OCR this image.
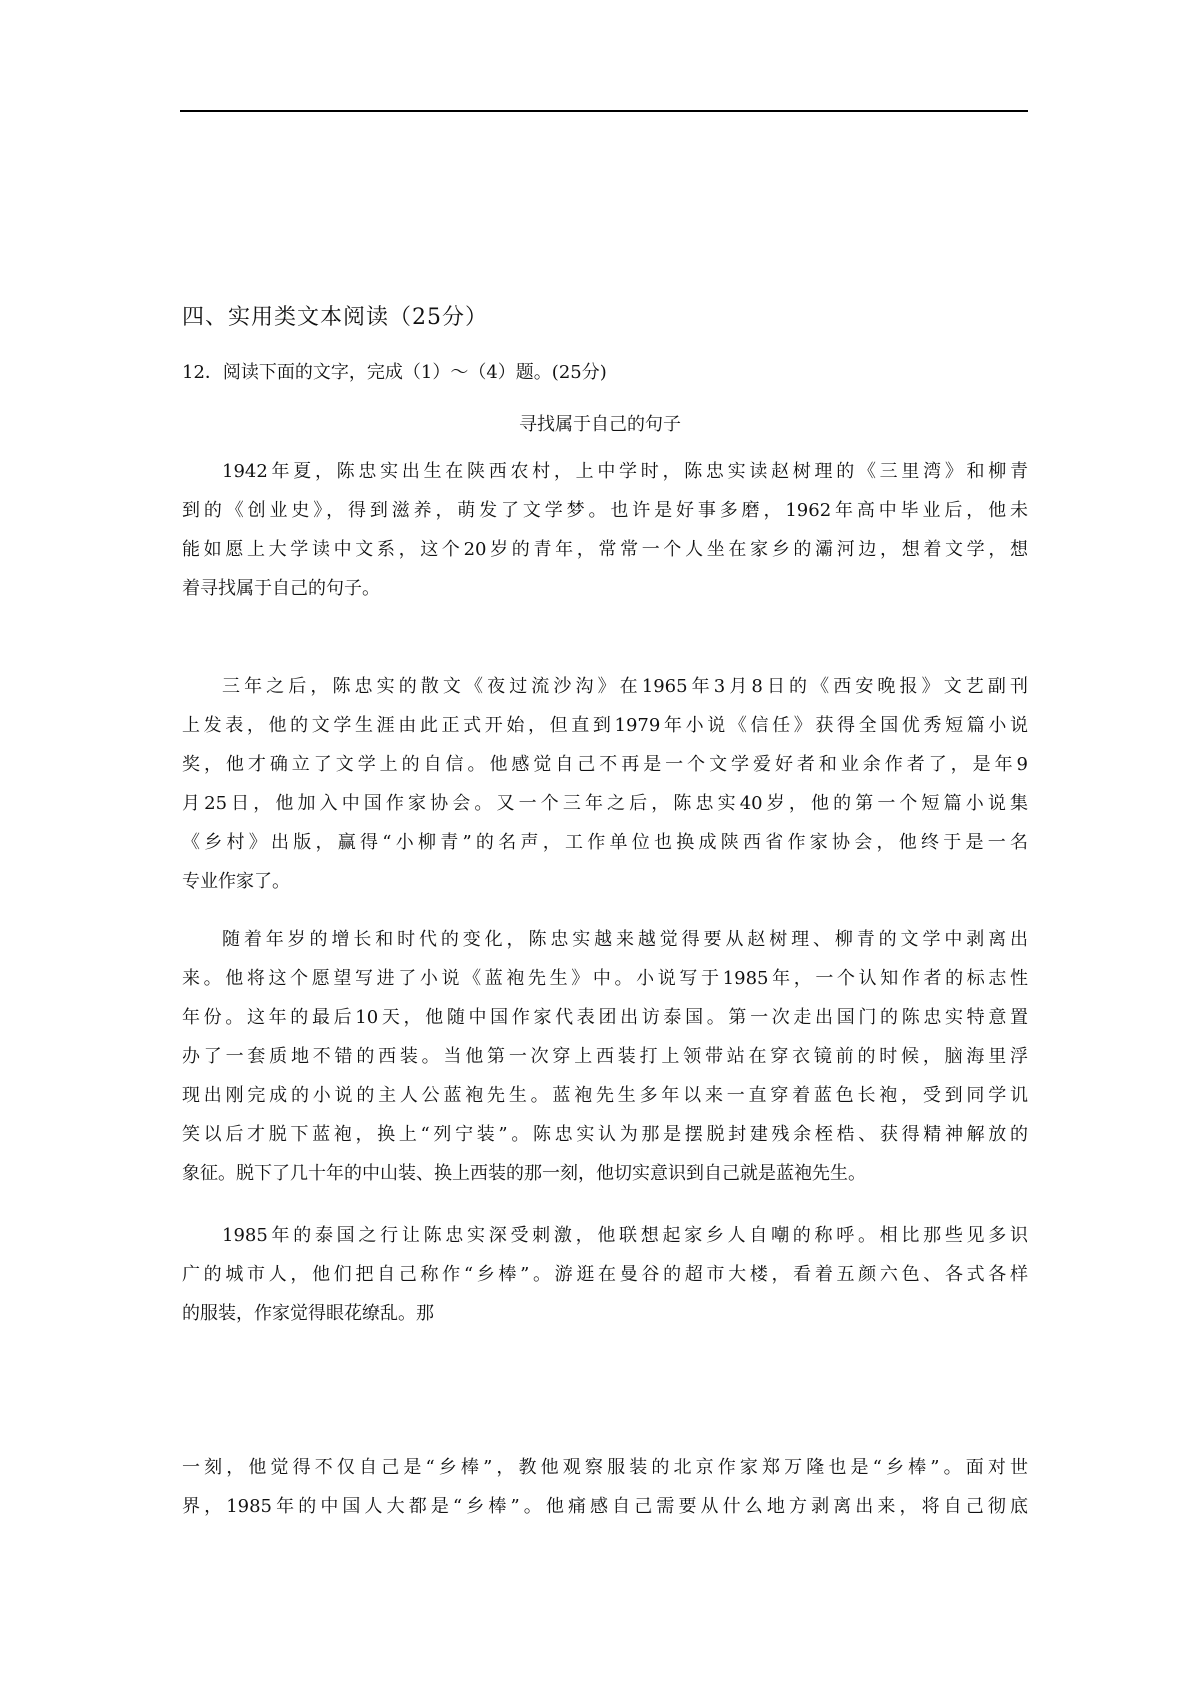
四、实用类文本阅读（25分）
12．阅读下面的文字，完成（1）～（4）题。(25分)
寻找属于自己的句子
1942年夏，陈忠实出生在陕西农村，上中学时，陈忠实读赵树理的《三里湾》和柳青
到的《创业史》，得到滋养，萌发了文学梦。也许是好事多磨，1962年高中毕业后，他未
能如愿上大学读中文系，这个20岁的青年，常常一个人坐在家乡的灞河边，想着文学，想
着寻找属于自己的句子。
三年之后，陈忠实的散文《夜过流沙沟》在1965年3月8日的《西安晚报》文艺副刊
上发表，他的文学生涯由此正式开始，但直到1979年小说《信任》获得全国优秀短篇小说
奖，他才确立了文学上的自信。他感觉自己不再是一个文学爱好者和业余作者了，是年9
月25日，他加入中国作家协会。又一个三年之后，陈忠实40岁，他的第一个短篇小说集
《乡村》出版，赢得“小柳青”的名声，工作单位也换成陕西省作家协会，他终于是一名
专业作家了。
随着年岁的增长和时代的变化，陈忠实越来越觉得要从赵树理、柳青的文学中剥离出
来。他将这个愿望写进了小说《蓝袍先生》中。小说写于1985年，一个认知作者的标志性
年份。这年的最后10天，他随中国作家代表团出访泰国。第一次走出国门的陈忠实特意置
办了一套质地不错的西装。当他第一次穿上西装打上领带站在穿衣镜前的时候，脑海里浮
现出刚完成的小说的主人公蓝袍先生。蓝袍先生多年以来一直穿着蓝色长袍，受到同学讥
笑以后才脱下蓝袍，换上“列宁装”。陈忠实认为那是摆脱封建残余桎梏、获得精神解放的
象征。脱下了几十年的中山装、换上西装的那一刻，他切实意识到自己就是蓝袍先生。
1985年的泰国之行让陈忠实深受刺激，他联想起家乡人自嘲的称呼。相比那些见多识
广的城市人，他们把自己称作“乡棒”。游逛在曼谷的超市大楼，看着五颜六色、各式各样
的服装，作家觉得眼花缭乱。那
一刻，他觉得不仅自己是“乡棒”，教他观察服装的北京作家郑万隆也是“乡棒”。面对世
界，1985年的中国人大都是“乡棒”。他痛感自己需要从什么地方剥离出来，将自己彻底
